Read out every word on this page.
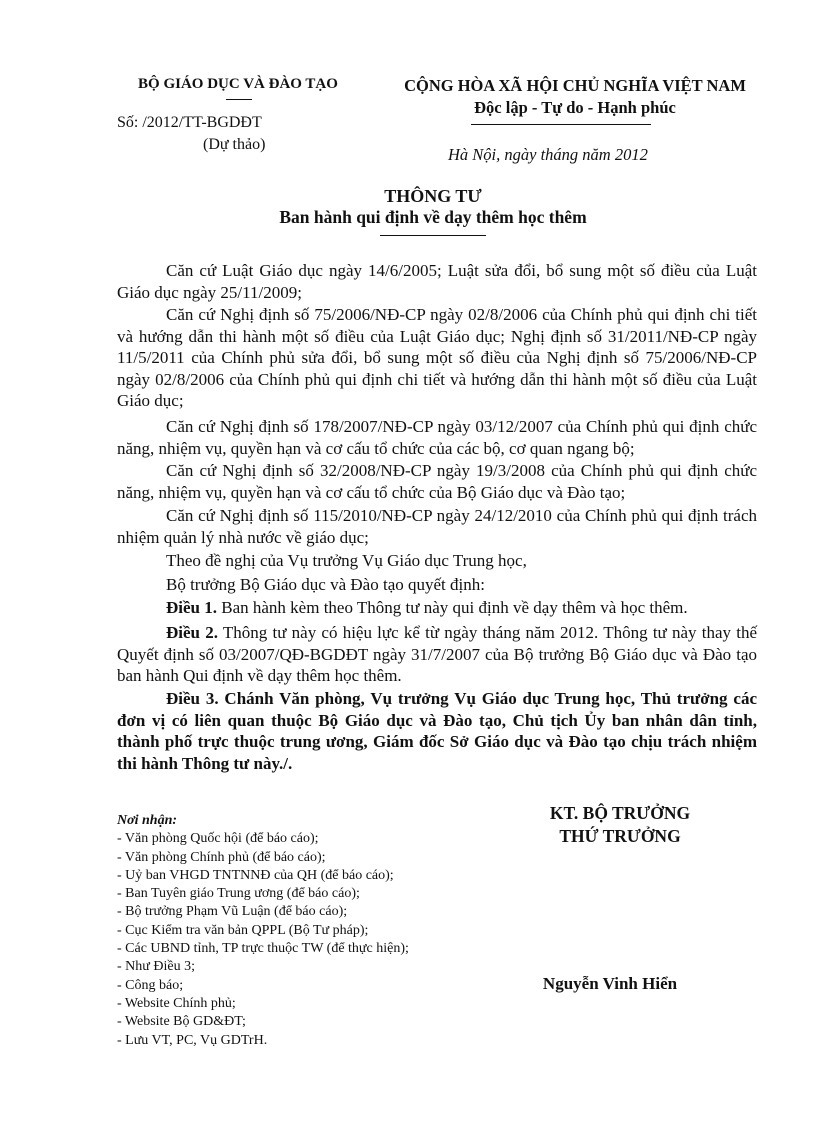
BỘ GIÁO DỤC VÀ ĐÀO TẠO
Số: /2012/TT-BGDĐT
(Dự thảo)
CỘNG HÒA XÃ HỘI CHỦ NGHĨA VIỆT NAM
Độc lập - Tự do - Hạnh phúc
Hà Nội, ngày tháng năm 2012
THÔNG TƯ
Ban hành qui định về dạy thêm học thêm
Căn cứ Luật Giáo dục ngày 14/6/2005; Luật sửa đổi, bổ sung một số điều của Luật Giáo dục ngày 25/11/2009;
Căn cứ Nghị định số 75/2006/NĐ-CP ngày 02/8/2006 của Chính phủ qui định chi tiết và hướng dẫn thi hành một số điều của Luật Giáo dục; Nghị định số 31/2011/NĐ-CP ngày 11/5/2011 của Chính phủ sửa đổi, bổ sung một số điều của Nghị định số 75/2006/NĐ-CP ngày 02/8/2006 của Chính phủ qui định chi tiết và hướng dẫn thi hành một số điều của Luật Giáo dục;
Căn cứ Nghị định số 178/2007/NĐ-CP ngày 03/12/2007 của Chính phủ qui định chức năng, nhiệm vụ, quyền hạn và cơ cấu tổ chức của các bộ, cơ quan ngang bộ;
Căn cứ Nghị định số 32/2008/NĐ-CP ngày 19/3/2008 của Chính phủ qui định chức năng, nhiệm vụ, quyền hạn và cơ cấu tổ chức của Bộ Giáo dục và Đào tạo;
Căn cứ Nghị định số 115/2010/NĐ-CP ngày 24/12/2010 của Chính phủ qui định trách nhiệm quản lý nhà nước về giáo dục;
Theo đề nghị của Vụ trưởng Vụ Giáo dục Trung học,
Bộ trưởng Bộ Giáo dục và Đào tạo quyết định:
Điều 1. Ban hành kèm theo Thông tư này qui định về dạy thêm và học thêm.
Điều 2. Thông tư này có hiệu lực kể từ ngày tháng năm 2012. Thông tư này thay thế Quyết định số 03/2007/QĐ-BGDĐT ngày 31/7/2007 của Bộ trưởng Bộ Giáo dục và Đào tạo ban hành Qui định về dạy thêm học thêm.
Điều 3. Chánh Văn phòng, Vụ trưởng Vụ Giáo dục Trung học, Thủ trưởng các đơn vị có liên quan thuộc Bộ Giáo dục và Đào tạo, Chủ tịch Ủy ban nhân dân tỉnh, thành phố trực thuộc trung ương, Giám đốc Sở Giáo dục và Đào tạo chịu trách nhiệm thi hành Thông tư này./.
Nơi nhận:
- Văn phòng Quốc hội (để báo cáo);
- Văn phòng Chính phủ (để báo cáo);
- Uỷ ban VHGD TNTNNĐ của QH (để báo cáo);
- Ban Tuyên giáo Trung ương (để báo cáo);
- Bộ trưởng Phạm Vũ Luận (để báo cáo);
- Cục Kiểm tra văn bản QPPL (Bộ Tư pháp);
- Các UBND tỉnh, TP trực thuộc TW (để thực hiện);
- Như Điều 3;
- Công báo;
- Website Chính phủ;
- Website Bộ GD&ĐT;
- Lưu VT, PC, Vụ GDTrH.
KT. BỘ TRƯỞNG
THỨ TRƯỞNG
Nguyễn Vinh Hiển
